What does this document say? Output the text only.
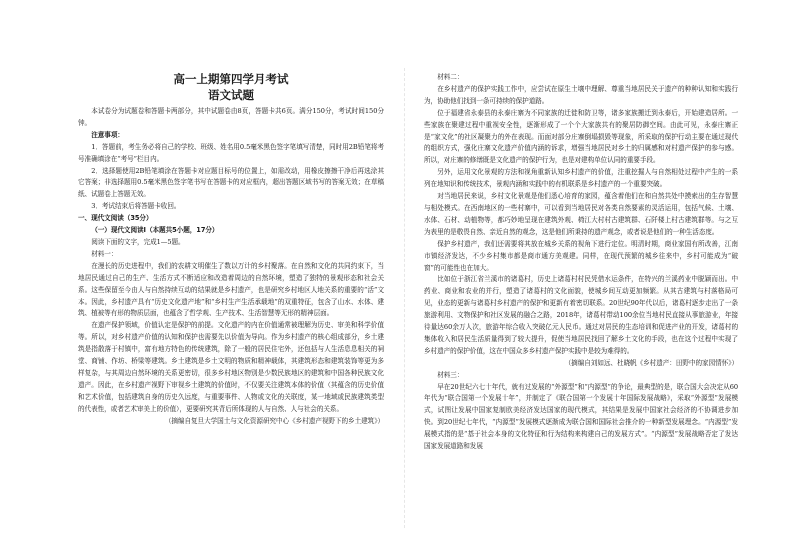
高一上期第四学月考试
语文试题

本试卷分为试题卷和答题卡两部分，其中试题卷由8页，答题卡共6页。满分150分，考试时间150分钟。

注意事项：

1．答题前，考生务必将自己的学校、班级、姓名用0.5毫米黑色签字笔填写清楚，同时用2B铅笔将考号准确填涂在“考号”栏目内。

2．选择题使用2B铅笔填涂在答题卡对应题目标号的位置上，如需改动，用橡皮擦擦干净后再选涂其它答案；非选择题用0.5毫米黑色签字笔书写在答题卡的对应框内，超出答题区域书写的答案无效；在草稿纸、试题卷上答题无效。

3．考试结束后将答题卡收回。

一、现代文阅读（35分）

（一）现代文阅读Ⅰ（本题共5小题，17分）

阅读下面的文字，完成1—5题。

材料一：

在漫长的历史进程中，我们的农耕文明催生了数以万计的乡村聚落。在自然和文化的共同约束下，当地居民通过自己的生产、生活方式不断适应和改造着周边的自然环境，塑造了独特的景观形态和社会关系。这些保留至今由人与自然持续互动的结果就是乡村遗产，也是研究乡村地区人地关系的重要的“活”文本。因此，乡村遗产具有“历史文化遗产地”和“乡村生产生活承载地”的双重特征，包含了山水、水体、建筑、植被等有形的物质层面，也蕴含了哲学观、生产技术、生活智慧等无形的精神层面。

在遗产保护领域，价值认定是保护的前提。文化遗产的内在价值通常被理解为历史、审美和科学价值等。所以，对乡村遗产价值的认知和保护也需要先以价值为导向。作为乡村遗产的核心组成部分，乡土建筑是指散落于村镇中，富有地方特色的传统建筑，除了一般的居民住宅外，还包括与人生活息息相关的祠堂、商铺、作坊、桥梁等建筑。乡土建筑是乡土文明的物质和精神载体，其建筑形态和建筑装饰等更为多样复杂，与其周边自然环境的关系更密切，很多乡村地区物别是少数民族地区的建筑和中国各种民族文化遗产。因此，在乡村遗产视野下审视乡土建筑的价值时，不仅要关注建筑本体的价值（其蕴含的历史价值和艺术价值，包括建筑自身的历史久远度，与重要事件、人物或文化的关联度，某一地域或民族建筑类型的代表性，或者艺术审美上的价值），更要研究其背后所体现的人与自然、人与社会的关系。

（摘编自复旦大学国土与文化资源研究中心《乡村遗产视野下的乡土建筑》）

材料二：

在乡村遗产的保护实践工作中，应尝试在原生土壤中理解、尊重当地居民关于遗产的种种认知和实践行为，协助他们找到一条可持续的保护道路。

位于福建省永泰县的永泰庄寨为不同家族的迁徙和防卫等，诸多家族搬迁到永泰后，开始建造居所。一些家族在聚建过程中重视安全性，逐渐形成了一个个大家族共有的聚居防御空间。由此可见，永泰庄寨正是“家文化”的社区凝聚力的外在表现。而面对部分庄寨倒塌损毁等现象，所采取的保护行动主要在通过现代的组织方式，强化庄寨文化遗产价值内涵的诉求，增强当地居民对乡土的归属感和对村遗产保护的参与感。所以，对庄寨的修缮既是文化遗产的保护行为，也是对建构单位认同的重要手段。

另外，运用文化景观的方法和视角重新认知乡村遗产的价值，注重挖掘人与自然相处过程中产生的一系列在地知识和传统技术，景观内涵和实践中的有机联系是乡村遗产的一个重要突破。

对当地居民来说，乡村文化景观是他们悉心培育的家园，蕴含着他们在和自然共处中摸索出的生存智慧与相处模式。在西南地区的一些村寨中，可以看到当地居民对各类自然要素的灵活运用，包括气候、土壤、水体、石材、动植物等，都巧妙地呈现在建筑外观、椅江大村村古建筑群、石阡楼上村古建筑群等。与之互为表里的是敬畏自然、亲近自然的观念，这是他们所秉持的遗产观念，或者说是他们的一种生活态度。

保护乡村遗产，我们还需要将其放在城乡关系的视角下进行定位。明清时期，商业家国有所改善，江南市镇经济发达，不少乡村集市都是商市通方美观建。同样，在现代预繁的城乡往来中，乡村可能成为“破窗”的可能性也在加大。

比如位于浙江省兰溪市的诸葛村，历史上诸葛村村民凭借水运条件，在特兴的兰溪药业中脱颖而出。中药业、商业和农业的并行，塑造了诸葛村的文化面貌，使城乡间互动更加频繁。从其古建筑与村落格局可见，业态的更新与诸葛村乡村遗产的保护和更新有着密切联系。20世纪90年代以后，诸葛村逐步走出了一条旅游利用、文物保护和社区发展的融合之路，2018年，诸葛村带动100余位当地村民直接从事旅游业，年接待量达60余万人次，旅游年综合收入突破亿元人民币。通过对居民的生态培训和促进产业的开发，诸葛村的集体收入和居民生活质量得到了较大提升，促使当地居民找回了解乡土文化的手段，也在这个过程中实现了乡村遗产的保护价值，这在中国众多乡村遗产保护实践中是较为难得的。

（摘编自刘如远、杜晓帆《乡村遗产：田野中的家园情怀》）

材料三：

早在20世纪六七十年代，就有过发展的“外源型”和“内源型”的争论，最典型的是，联合国大会决定从60年代为“联合国第一个发展十年”，并制定了《联合国第一个发展十年国际发展战略》，采取“外源型”发展模式，试图让发展中国家复制欧美经济发达国家的现代模式，其结果是发展中国家社会经济的不协调进步加快。到20世纪七年代，“内源型”发展模式逐渐成为联合国和国际社会推介的一种新型发展理念。“内源型”发展模式指的是“基于社会本身的文化特征和行为结构来构建自己的发展方式”。“内源型”发展战略否定了发达国家发展道路和发展
